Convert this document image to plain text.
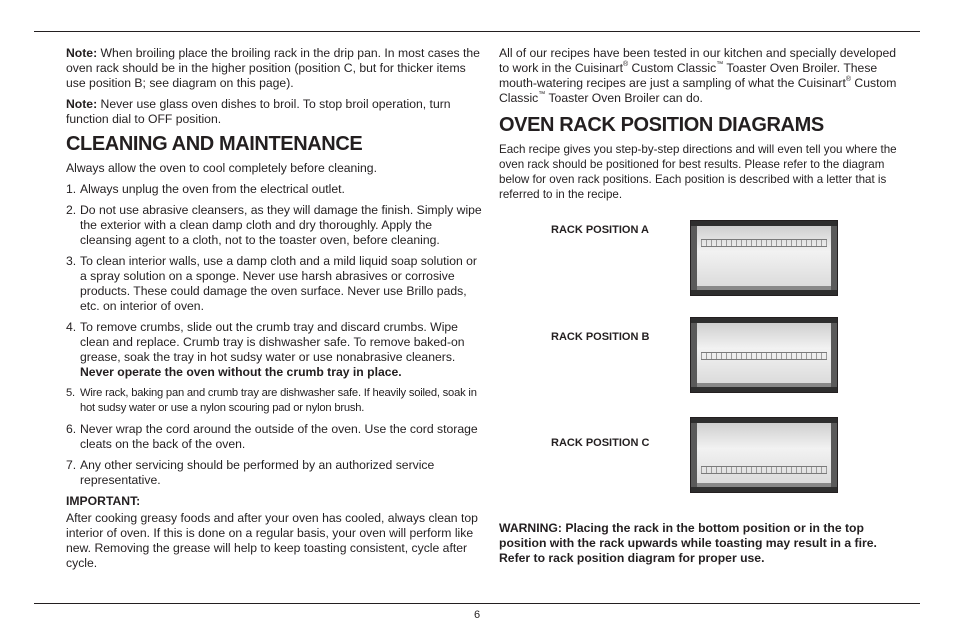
Note: When broiling place the broiling rack in the drip pan. In most cases the oven rack should be in the higher position (position C, but for thicker items use position B; see diagram on this page).

Note: Never use glass oven dishes to broil. To stop broil operation, turn function dial to OFF position.

CLEANING AND MAINTENANCE

Always allow the oven to cool completely before cleaning.

1. Always unplug the oven from the electrical outlet.
2. Do not use abrasive cleansers, as they will damage the finish. Simply wipe the exterior with a clean damp cloth and dry thoroughly. Apply the cleansing agent to a cloth, not to the toaster oven, before cleaning.
3. To clean interior walls, use a damp cloth and a mild liquid soap solution or a spray solution on a sponge. Never use harsh abrasives or corrosive products. These could damage the oven surface. Never use Brillo pads, etc. on interior of oven.
4. To remove crumbs, slide out the crumb tray and discard crumbs. Wipe clean and replace. Crumb tray is dishwasher safe. To remove baked-on grease, soak the tray in hot sudsy water or use nonabrasive cleaners. Never operate the oven without the crumb tray in place.
5. Wire rack, baking pan and crumb tray are dishwasher safe. If heavily soiled, soak in hot sudsy water or use a nylon scouring pad or nylon brush.
6. Never wrap the cord around the outside of the oven. Use the cord storage cleats on the back of the oven.
7. Any other servicing should be performed by an authorized service representative.

IMPORTANT:

After cooking greasy foods and after your oven has cooled, always clean top interior of oven. If this is done on a regular basis, your oven will perform like new. Removing the grease will help to keep toasting consistent, cycle after cycle.

All of our recipes have been tested in our kitchen and specially developed to work in the Cuisinart® Custom Classic™ Toaster Oven Broiler. These mouth-watering recipes are just a sampling of what the Cuisinart® Custom Classic™ Toaster Oven Broiler can do.

OVEN RACK POSITION DIAGRAMS

Each recipe gives you step-by-step directions and will even tell you where the oven rack should be positioned for best results. Please refer to the diagram below for oven rack positions. Each position is described with a letter that is referred to in the recipe.

RACK POSITION A
RACK POSITION B
RACK POSITION C
WARNING: Placing the rack in the bottom position or in the top position with the rack upwards while toasting may result in a fire. Refer to rack position diagram for proper use.
6
